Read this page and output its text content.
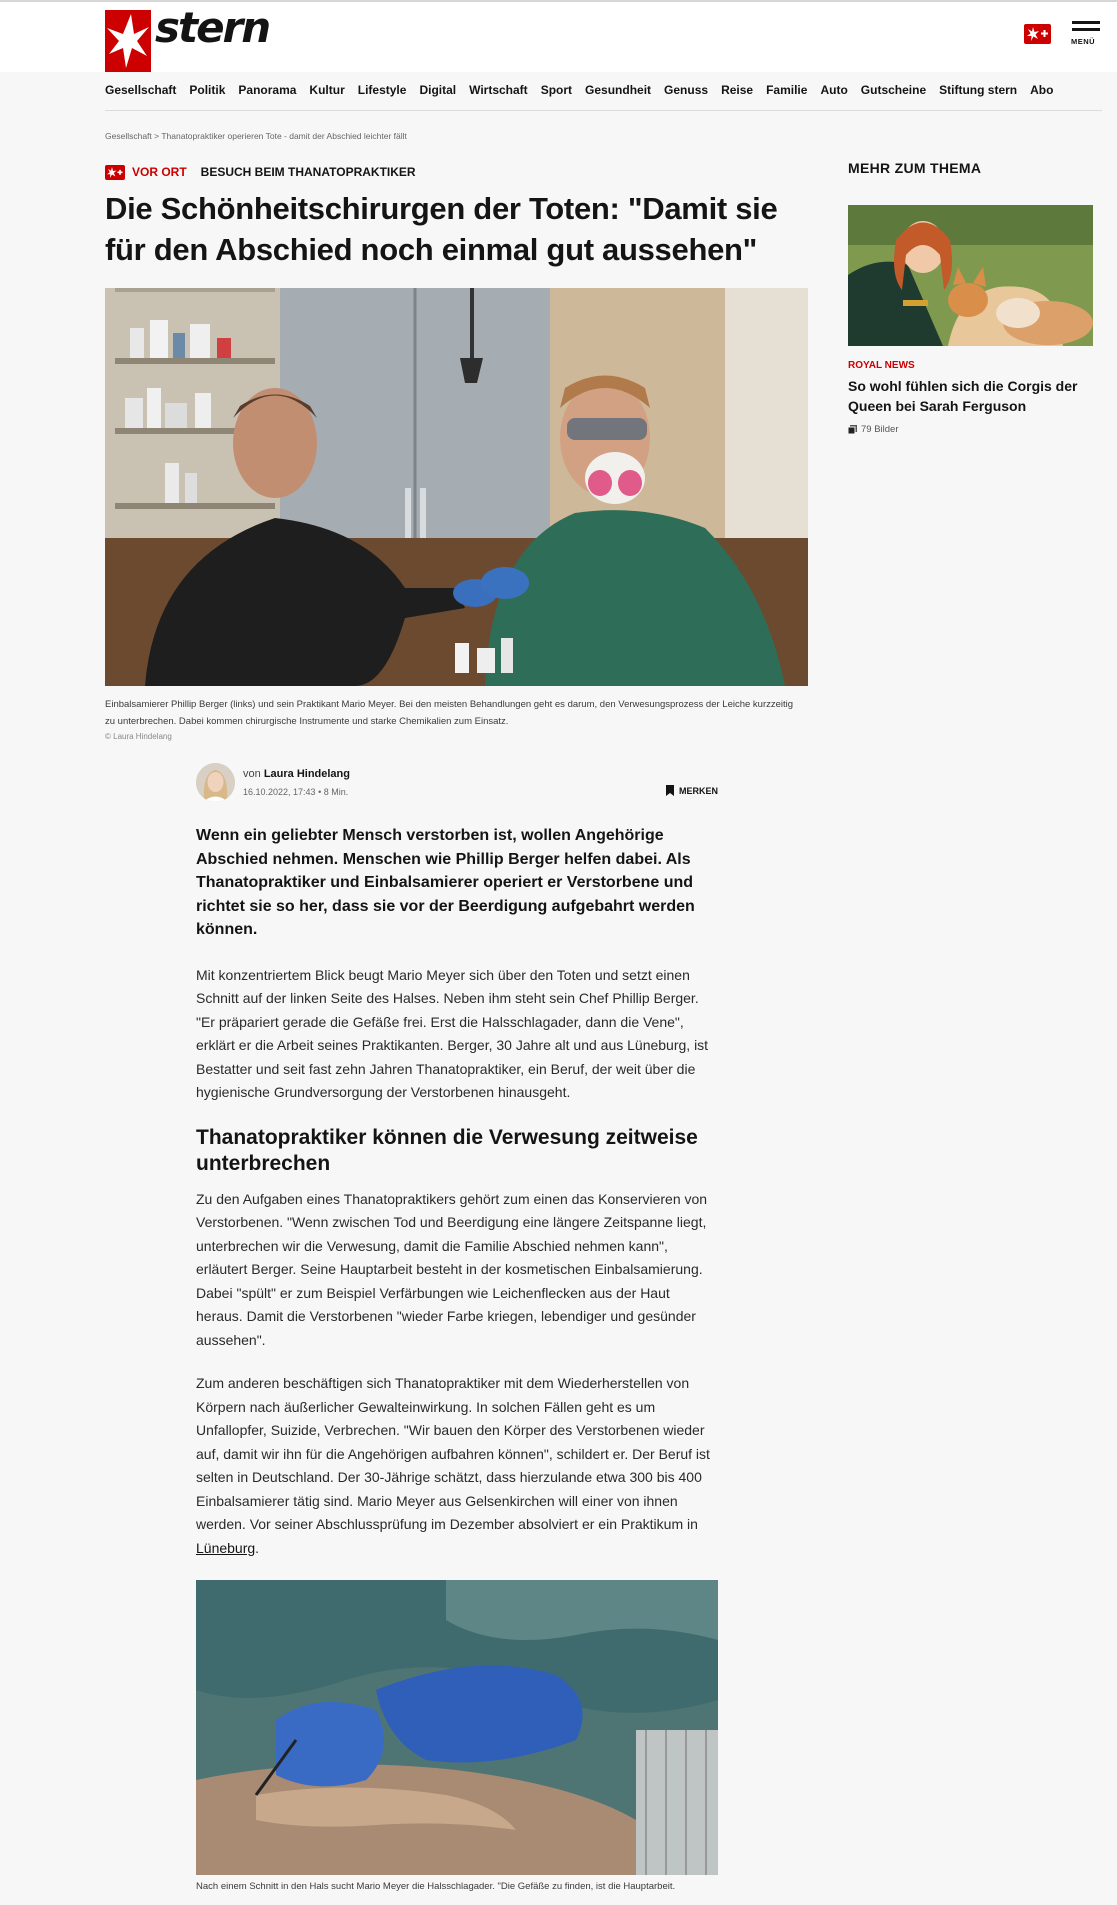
stern	MENÜ
Gesellschaft Politik Panorama Kultur Lifestyle Digital Wirtschaft Sport Gesundheit Genuss Reise Familie Auto Gutscheine Stiftung stern Abo
Gesellschaft > Thanatopraktiker operieren Tote - damit der Abschied leichter fällt
VOR ORT BESUCH BEIM THANATOPRAKTIKER
Die Schönheitschirurgen der Toten: "Damit sie für den Abschied noch einmal gut aussehen"

Einbalsamierer Phillip Berger (links) und sein Praktikant Mario Meyer. Bei den meisten Behandlungen geht es darum, den Verwesungsprozess der Leiche kurzzeitig zu unterbrechen. Dabei kommen chirurgische Instrumente und starke Chemikalien zum Einsatz.

© Laura Hindelang
von Laura Hindelang
16.10.2022, 17:43 • 8 Min.	MERKEN

Wenn ein geliebter Mensch verstorben ist, wollen Angehörige Abschied nehmen. Menschen wie Phillip Berger helfen dabei. Als Thanatopraktiker und Einbalsamierer operiert er Verstorbene und richtet sie so her, dass sie vor der Beerdigung aufgebahrt werden können.

Mit konzentriertem Blick beugt Mario Meyer sich über den Toten und setzt einen Schnitt auf der linken Seite des Halses. Neben ihm steht sein Chef Phillip Berger. "Er präpariert gerade die Gefäße frei. Erst die Halsschlagader, dann die Vene", erklärt er die Arbeit seines Praktikanten. Berger, 30 Jahre alt und aus Lüneburg, ist Bestatter und seit fast zehn Jahren Thanatopraktiker, ein Beruf, der weit über die hygienische Grundversorgung der Verstorbenen hinausgeht.

Thanatopraktiker können die Verwesung zeitweise unterbrechen

Zu den Aufgaben eines Thanatopraktikers gehört zum einen das Konservieren von Verstorbenen. "Wenn zwischen Tod und Beerdigung eine längere Zeitspanne liegt, unterbrechen wir die Verwesung, damit die Familie Abschied nehmen kann", erläutert Berger. Seine Hauptarbeit besteht in der kosmetischen Einbalsamierung. Dabei "spült" er zum Beispiel Verfärbungen wie Leichenflecken aus der Haut heraus. Damit die Verstorbenen "wieder Farbe kriegen, lebendiger und gesünder aussehen".

Zum anderen beschäftigen sich Thanatopraktiker mit dem Wiederherstellen von Körpern nach äußerlicher Gewalteinwirkung. In solchen Fällen geht es um Unfallopfer, Suizide, Verbrechen. "Wir bauen den Körper des Verstorbenen wieder auf, damit wir ihn für die Angehörigen aufbahren können", schildert er. Der Beruf ist selten in Deutschland. Der 30-Jährige schätzt, dass hierzulande etwa 300 bis 400 Einbalsamierer tätig sind. Mario Meyer aus Gelsenkirchen will einer von ihnen werden. Vor seiner Abschlussprüfung im Dezember absolviert er ein Praktikum in Lüneburg.

Nach einem Schnitt in den Hals sucht Mario Meyer die Halsschlagader. "Die Gefäße zu finden, ist die Hauptarbeit.

MEHR ZUM THEMA
ROYAL NEWS
So wohl fühlen sich die Corgis der Queen bei Sarah Ferguson
79 Bilder
